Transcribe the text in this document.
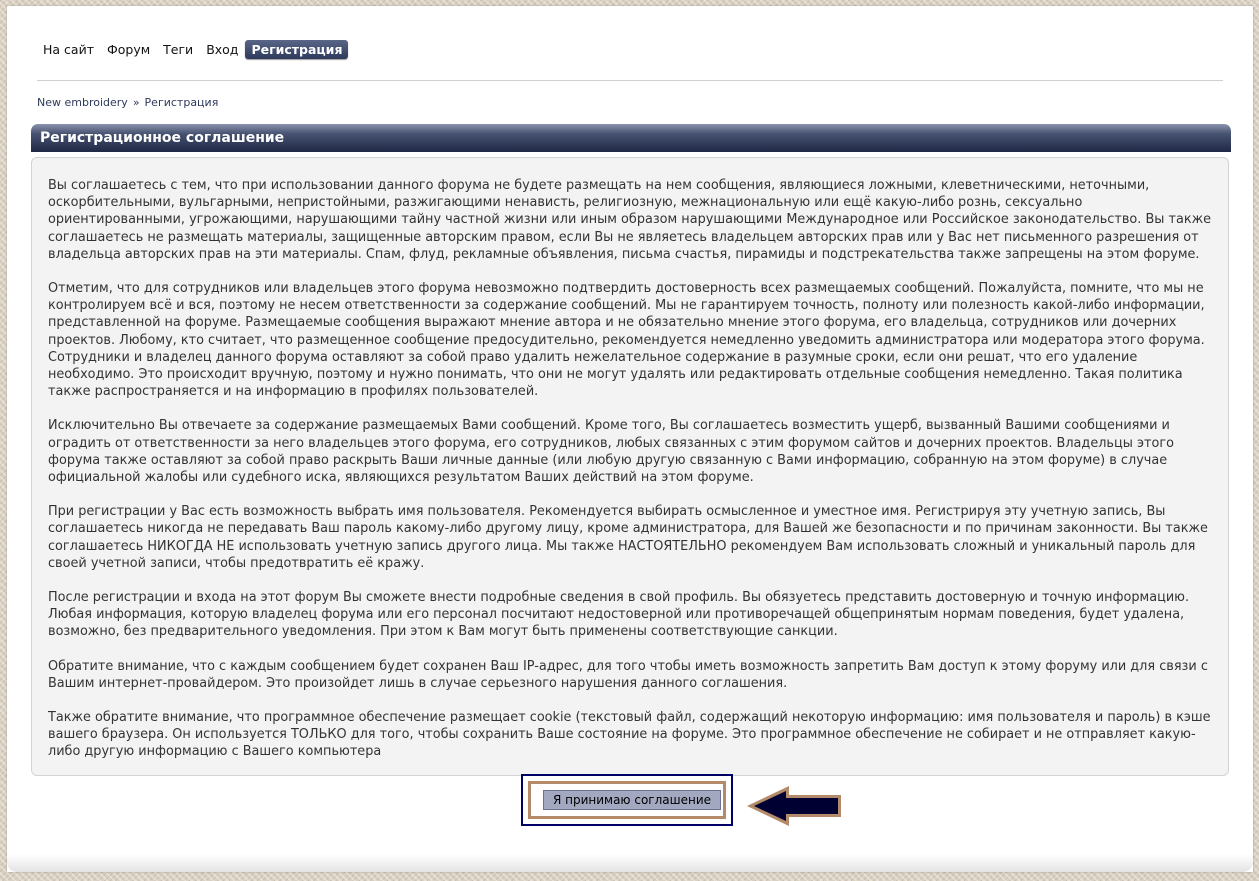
На сайт	Форум	Теги	Вход	Регистрация
New embroidery » Регистрация
Регистрационное соглашение

Вы соглашаетесь с тем, что при использовании данного форума не будете размещать на нем сообщения, являющиеся ложными, клеветническими, неточными, оскорбительными, вульгарными, непристойными, разжигающими ненависть, религиозную, межнациональную или ещё какую-либо рознь, сексуально ориентированными, угрожающими, нарушающими тайну частной жизни или иным образом нарушающими Международное или Российское законодательство. Вы также соглашаетесь не размещать материалы, защищенные авторским правом, если Вы не являетесь владельцем авторских прав или у Вас нет письменного разрешения от владельца авторских прав на эти материалы. Спам, флуд, рекламные объявления, письма счастья, пирамиды и подстрекательства также запрещены на этом форуме.

Отметим, что для сотрудников или владельцев этого форума невозможно подтвердить достоверность всех размещаемых сообщений. Пожалуйста, помните, что мы не контролируем всё и вся, поэтому не несем ответственности за содержание сообщений. Мы не гарантируем точность, полноту или полезность какой-либо информации, представленной на форуме. Размещаемые сообщения выражают мнение автора и не обязательно мнение этого форума, его владельца, сотрудников или дочерних проектов. Любому, кто считает, что размещенное сообщение предосудительно, рекомендуется немедленно уведомить администратора или модератора этого форума. Сотрудники и владелец данного форума оставляют за собой право удалить нежелательное содержание в разумные сроки, если они решат, что его удаление необходимо. Это происходит вручную, поэтому и нужно понимать, что они не могут удалять или редактировать отдельные сообщения немедленно. Такая политика также распространяется и на информацию в профилях пользователей.

Исключительно Вы отвечаете за содержание размещаемых Вами сообщений. Кроме того, Вы соглашаетесь возместить ущерб, вызванный Вашими сообщениями и оградить от ответственности за него владельцев этого форума, его сотрудников, любых связанных с этим форумом сайтов и дочерних проектов. Владельцы этого форума также оставляют за собой право раскрыть Ваши личные данные (или любую другую связанную с Вами информацию, собранную на этом форуме) в случае официальной жалобы или судебного иска, являющихся результатом Ваших действий на этом форуме.

При регистрации у Вас есть возможность выбрать имя пользователя. Рекомендуется выбирать осмысленное и уместное имя. Регистрируя эту учетную запись, Вы соглашаетесь никогда не передавать Ваш пароль какому-либо другому лицу, кроме администратора, для Вашей же безопасности и по причинам законности. Вы также соглашаетесь НИКОГДА НЕ использовать учетную запись другого лица. Мы также НАСТОЯТЕЛЬНО рекомендуем Вам использовать сложный и уникальный пароль для своей учетной записи, чтобы предотвратить её кражу.

После регистрации и входа на этот форум Вы сможете внести подробные сведения в свой профиль. Вы обязуетесь представить достоверную и точную информацию. Любая информация, которую владелец форума или его персонал посчитают недостоверной или противоречащей общепринятым нормам поведения, будет удалена, возможно, без предварительного уведомления. При этом к Вам могут быть применены соответствующие санкции.

Обратите внимание, что с каждым сообщением будет сохранен Ваш IP-адрес, для того чтобы иметь возможность запретить Вам доступ к этому форуму или для связи с Вашим интернет-провайдером. Это произойдет лишь в случае серьезного нарушения данного соглашения.

Также обратите внимание, что программное обеспечение размещает cookie (текстовый файл, содержащий некоторую информацию: имя пользователя и пароль) в кэше вашего браузера. Он используется ТОЛЬКО для того, чтобы сохранить Ваше состояние на форуме. Это программное обеспечение не собирает и не отправляет какую-либо другую информацию с Вашего компьютера

Я принимаю соглашение
